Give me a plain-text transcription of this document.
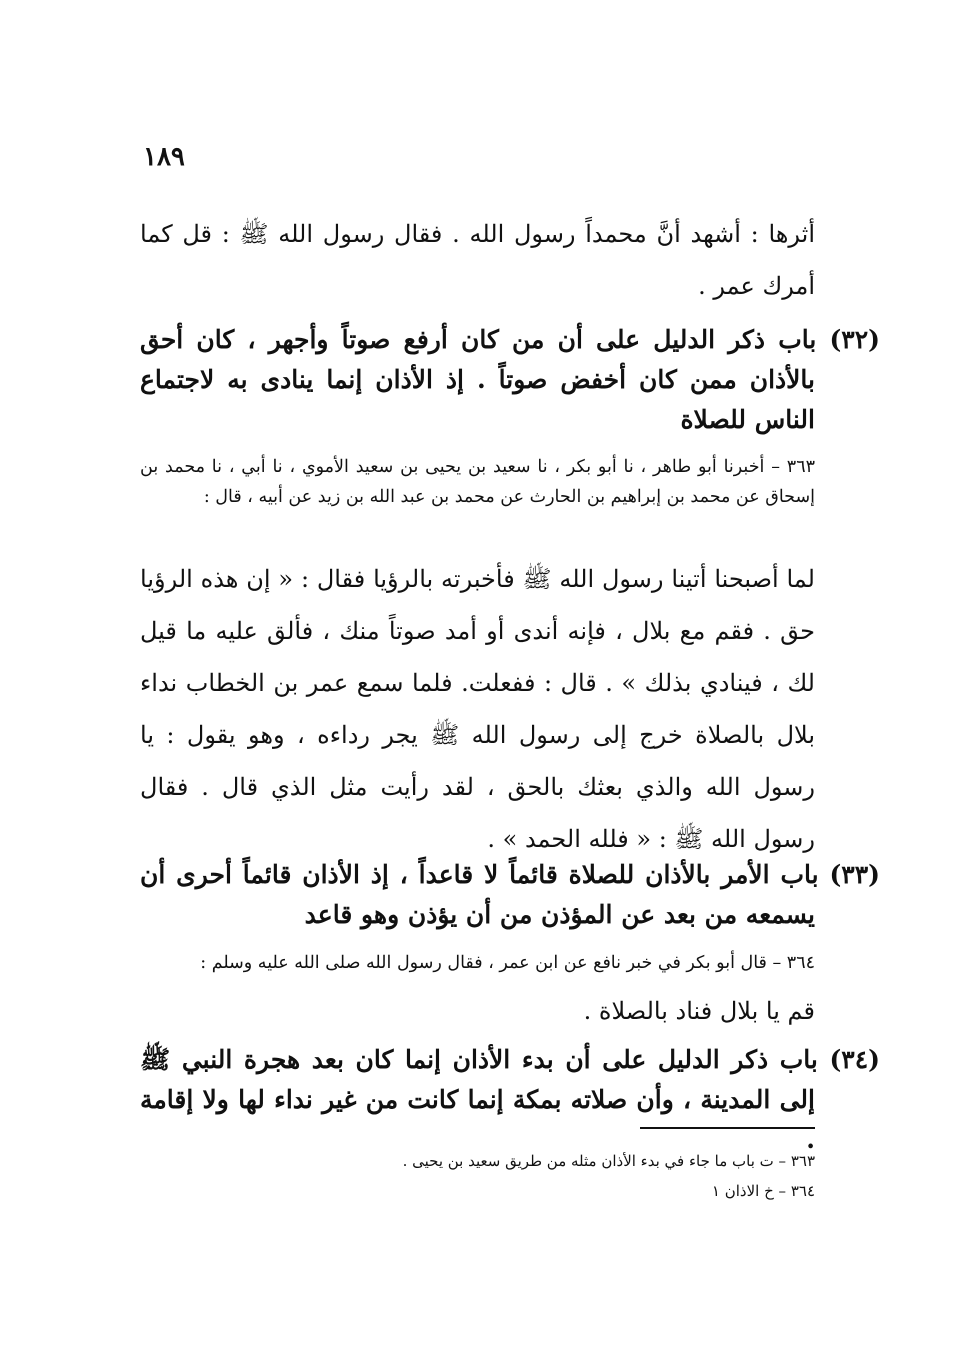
١٨٩

أثرها : أشهد أنَّ محمداً رسول الله . فقال رسول الله ﷺ : قل كما أمرك عمر .

(٣٢) باب ذكر الدليل على أن من كان أرفع صوتاً وأجهر ، كان أحق بالأذان ممن كان أخفض صوتاً . إذ الأذان إنما ينادى به لاجتماع الناس للصلاة

٣٦٣ – أخبرنا أبو طاهر ، نا أبو بكر ، نا سعيد بن يحيى بن سعيد الأموي ، نا أبي ، نا محمد بن إسحاق عن محمد بن إبراهيم بن الحارث عن محمد بن عبد الله بن زيد عن أبيه ، قال :

لما أصبحنا أتينا رسول الله ﷺ فأخبرته بالرؤيا فقال : « إن هذه الرؤيا حق . فقم مع بلال ، فإنه أندى أو أمد صوتاً منك ، فألق عليه ما قيل لك ، فينادي بذلك » . قال : ففعلت. فلما سمع عمر بن الخطاب نداء بلال بالصلاة خرج إلى رسول الله ﷺ يجر رداءه ، وهو يقول : يا رسول الله والذي بعثك بالحق ، لقد رأيت مثل الذي قال . فقال رسول الله ﷺ : « فلله الحمد » .

(٣٣) باب الأمر بالأذان للصلاة قائماً لا قاعداً ، إذ الأذان قائماً أحرى أن يسمعه من بعد عن المؤذن من أن يؤذن وهو قاعد

٣٦٤ – قال أبو بكر في خبر نافع عن ابن عمر ، فقال رسول الله صلى الله عليه وسلم :

قم يا بلال فناد بالصلاة .

(٣٤) باب ذكر الدليل على أن بدء الأذان إنما كان بعد هجرة النبي ﷺ إلى المدينة ، وأن صلاته بمكة إنما كانت من غير نداء لها ولا إقامة .

٣٦٣ – ت باب ما جاء في بدء الأذان مثله من طريق سعيد بن يحيى .
٣٦٤ – خ الاذان ١
